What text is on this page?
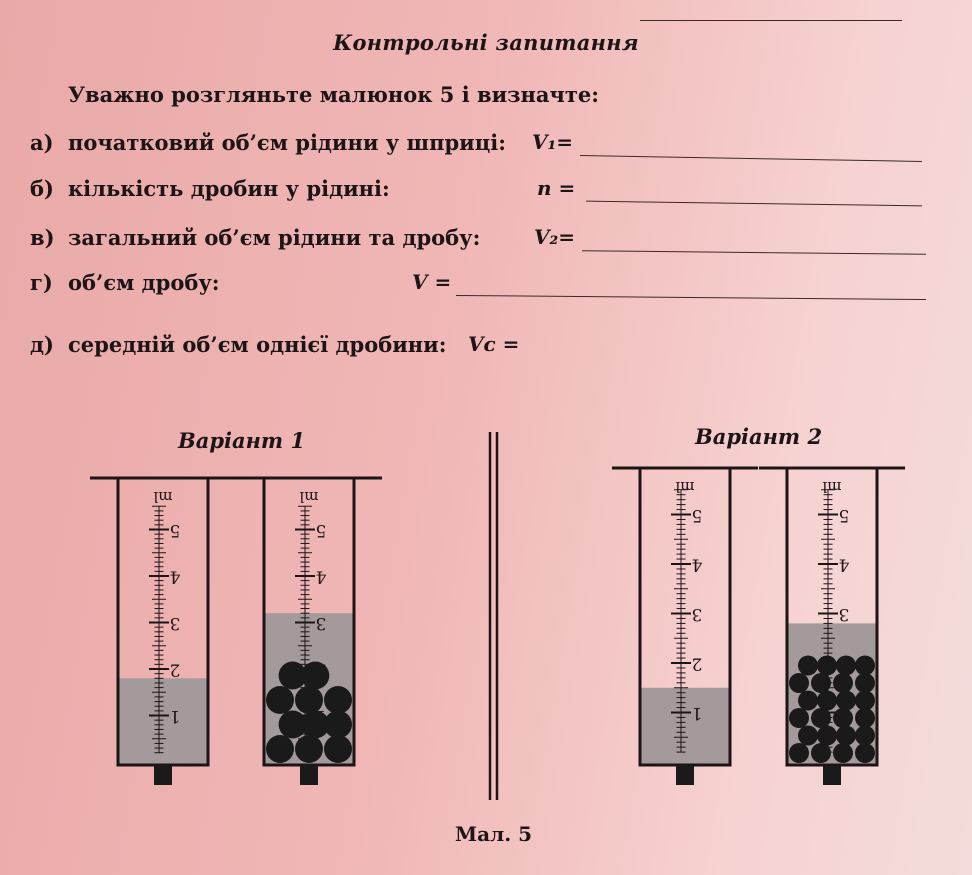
Контрольні запитання
Уважно розгляньте малюнок 5 і визначте:
а) початковий об’єм рідини у шприці: V₁=
б) кількість дробин у рідині:	n =
в) загальний об’єм рідини та дробу:	V₂=
г) об’єм дробу:	V =
д) середній об’єм однієї дробини: Vᴄ =
Варіант 1	Варіант 2
5
4
3
2
1
ml
5
4
3
ml
5
4
3
2
1
ml
5
4
3
ml
Мал. 5
